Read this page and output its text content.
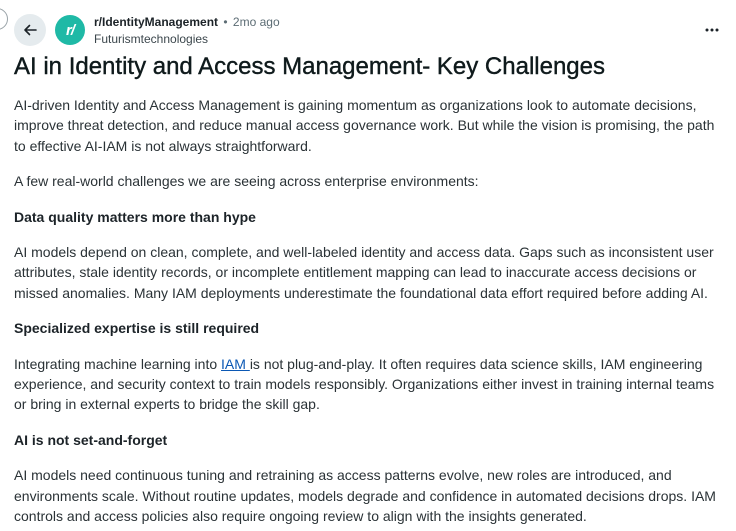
r/ r/IdentityManagement • 2mo ago
Futurismtechnologies
AI in Identity and Access Management- Key Challenges

AI-driven Identity and Access Management is gaining momentum as organizations look to automate decisions, improve threat detection, and reduce manual access governance work. But while the vision is promising, the path to effective AI-IAM is not always straightforward.

A few real-world challenges we are seeing across enterprise environments:

Data quality matters more than hype

AI models depend on clean, complete, and well-labeled identity and access data. Gaps such as inconsistent user attributes, stale identity records, or incomplete entitlement mapping can lead to inaccurate access decisions or missed anomalies. Many IAM deployments underestimate the foundational data effort required before adding AI.

Specialized expertise is still required

Integrating machine learning into IAM is not plug-and-play. It often requires data science skills, IAM engineering experience, and security context to train models responsibly. Organizations either invest in training internal teams or bring in external experts to bridge the skill gap.

AI is not set-and-forget

AI models need continuous tuning and retraining as access patterns evolve, new roles are introduced, and environments scale. Without routine updates, models degrade and confidence in automated decisions drops. IAM controls and access policies also require ongoing review to align with the insights generated.
